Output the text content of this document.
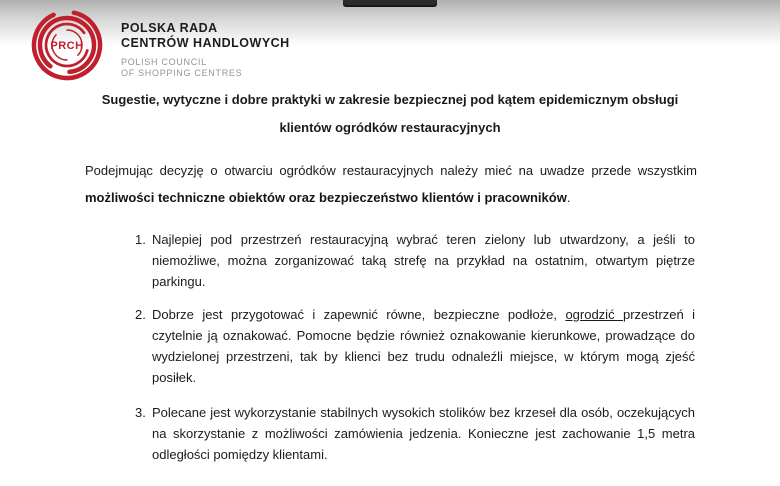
PRCH
POLSKA RADA
CENTRÓW HANDLOWYCH
POLISH COUNCIL
OF SHOPPING CENTRES
Sugestie, wytyczne i dobre praktyki w zakresie bezpiecznej pod kątem epidemicznym obsługi klientów ogródków restauracyjnych

Podejmując decyzję o otwarciu ogródków restauracyjnych należy mieć na uwadze przede wszystkim możliwości techniczne obiektów oraz bezpieczeństwo klientów i pracowników.

1. Najlepiej pod przestrzeń restauracyjną wybrać teren zielony lub utwardzony, a jeśli to niemożliwe, można zorganizować taką strefę na przykład na ostatnim, otwartym piętrze parkingu.
2. Dobrze jest przygotować i zapewnić równe, bezpieczne podłoże, ogrodzić przestrzeń i czytelnie ją oznakować. Pomocne będzie również oznakowanie kierunkowe, prowadzące do wydzielonej przestrzeni, tak by klienci bez trudu odnaleźli miejsce, w którym mogą zjeść posiłek.
3. Polecane jest wykorzystanie stabilnych wysokich stolików bez krzeseł dla osób, oczekujących na skorzystanie z możliwości zamówienia jedzenia. Konieczne jest zachowanie 1,5 metra odległości pomiędzy klientami.
